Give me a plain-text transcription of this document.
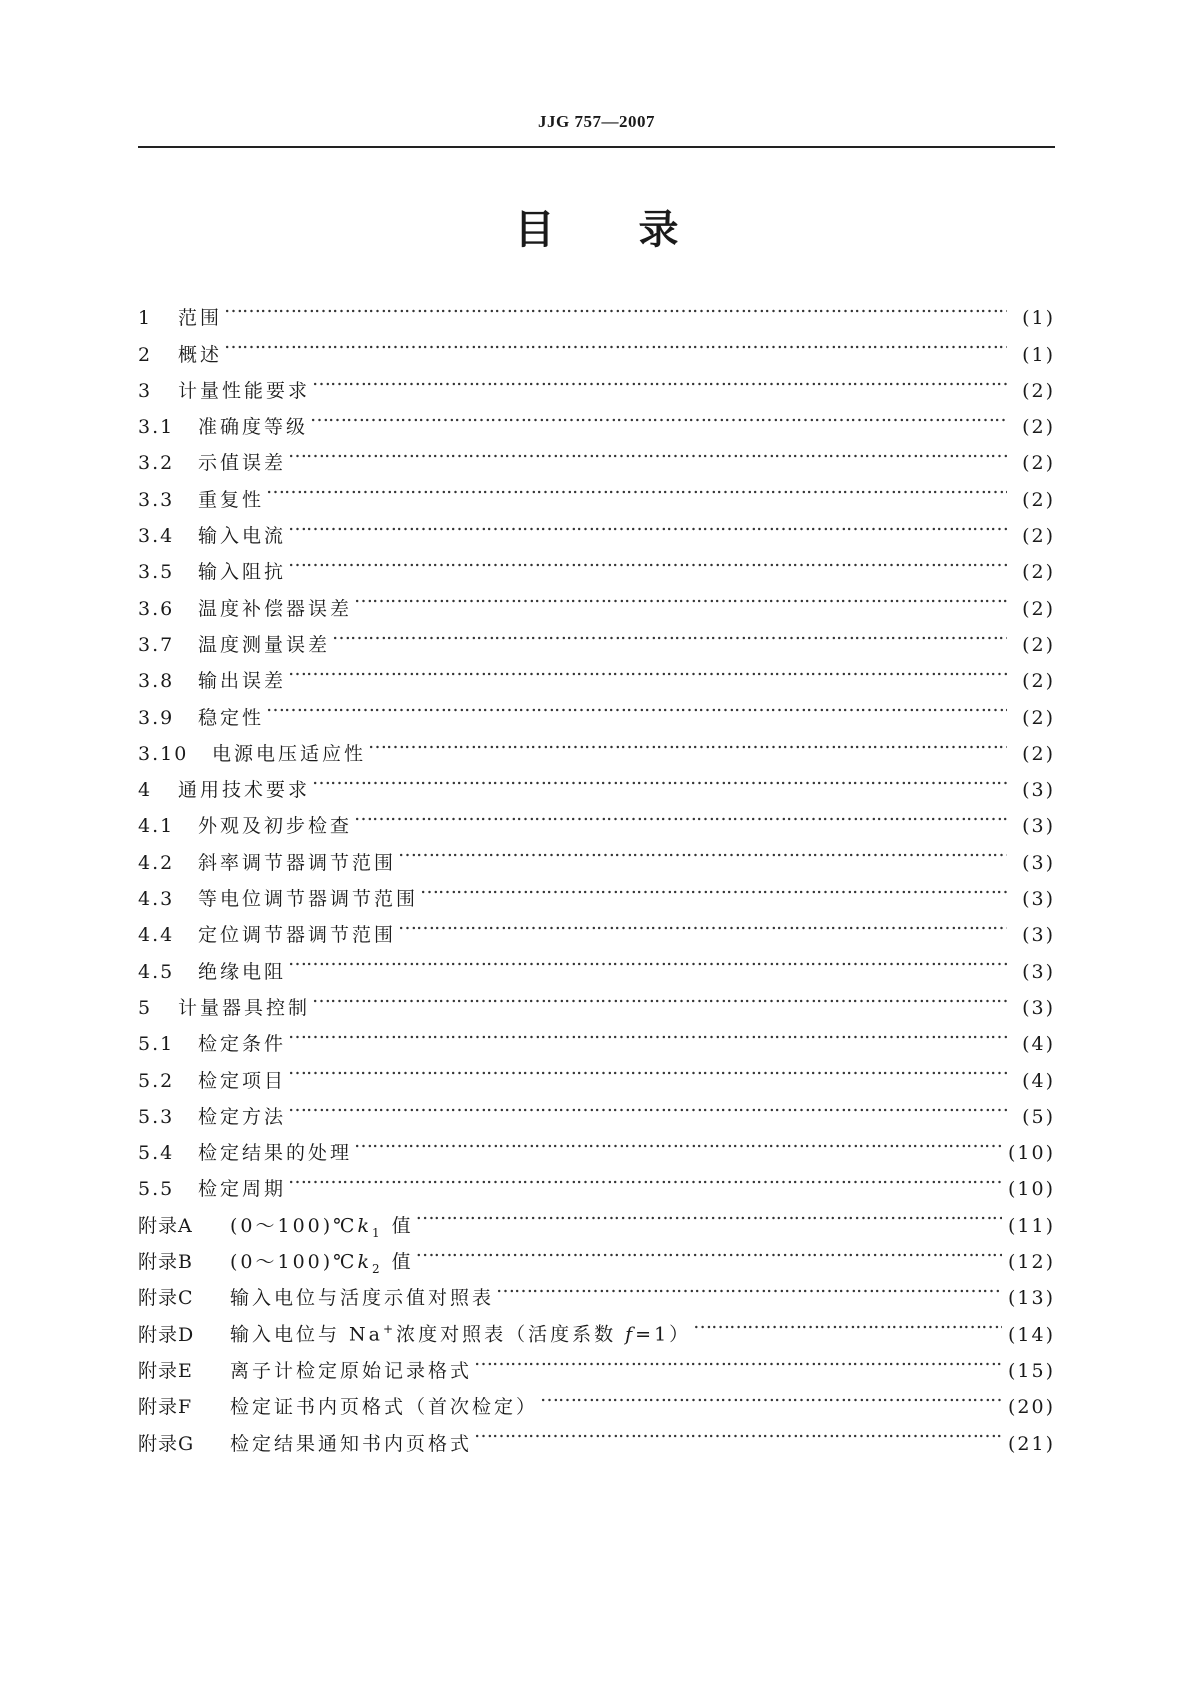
JJG 757—2007
目 录
1	范围 ……………………………………………………………………………………………………………………………………………………………………………………………………………………………………………………………………	(1)
2	概述 ……………………………………………………………………………………………………………………………………………………………………………………………………………………………………………………………………	(1)
3	计量性能要求 ……………………………………………………………………………………………………………………………………………………………………………………………………………………………………………………………………	(2)
3.1	准确度等级 ……………………………………………………………………………………………………………………………………………………………………………………………………………………………………………………………………	(2)
3.2	示值误差 ……………………………………………………………………………………………………………………………………………………………………………………………………………………………………………………………………	(2)
3.3	重复性 ……………………………………………………………………………………………………………………………………………………………………………………………………………………………………………………………………	(2)
3.4	输入电流 ……………………………………………………………………………………………………………………………………………………………………………………………………………………………………………………………………	(2)
3.5	输入阻抗 ……………………………………………………………………………………………………………………………………………………………………………………………………………………………………………………………………	(2)
3.6	温度补偿器误差 ……………………………………………………………………………………………………………………………………………………………………………………………………………………………………………………………………	(2)
3.7	温度测量误差 ……………………………………………………………………………………………………………………………………………………………………………………………………………………………………………………………………	(2)
3.8	输出误差 ……………………………………………………………………………………………………………………………………………………………………………………………………………………………………………………………………	(2)
3.9	稳定性 ……………………………………………………………………………………………………………………………………………………………………………………………………………………………………………………………………	(2)
3.10	电源电压适应性 ……………………………………………………………………………………………………………………………………………………………………………………………………………………………………………………………………	(2)
4	通用技术要求 ……………………………………………………………………………………………………………………………………………………………………………………………………………………………………………………………………	(3)
4.1	外观及初步检查 ……………………………………………………………………………………………………………………………………………………………………………………………………………………………………………………………………	(3)
4.2	斜率调节器调节范围 ……………………………………………………………………………………………………………………………………………………………………………………………………………………………………………………………………	(3)
4.3	等电位调节器调节范围 ……………………………………………………………………………………………………………………………………………………………………………………………………………………………………………………………………	(3)
4.4	定位调节器调节范围 ……………………………………………………………………………………………………………………………………………………………………………………………………………………………………………………………………	(3)
4.5	绝缘电阻 ……………………………………………………………………………………………………………………………………………………………………………………………………………………………………………………………………	(3)
5	计量器具控制 ……………………………………………………………………………………………………………………………………………………………………………………………………………………………………………………………………	(3)
5.1	检定条件 ……………………………………………………………………………………………………………………………………………………………………………………………………………………………………………………………………	(4)
5.2	检定项目 ……………………………………………………………………………………………………………………………………………………………………………………………………………………………………………………………………	(4)
5.3	检定方法 ……………………………………………………………………………………………………………………………………………………………………………………………………………………………………………………………………	(5)
5.4	检定结果的处理 ……………………………………………………………………………………………………………………………………………………………………………………………………………………………………………………………………	(10)
5.5	检定周期 ……………………………………………………………………………………………………………………………………………………………………………………………………………………………………………………………………	(10)
附录A	$(0\sim 100)℃k_1$ 值 ……………………………………………………………………………………………………………………………………………………………………………………………………………………………………………………………………	(11)
附录B	$(0\sim 100)℃k_2$ 值 ……………………………………………………………………………………………………………………………………………………………………………………………………………………………………………………………………	(12)
附录C	输入电位与活度示值对照表 ……………………………………………………………………………………………………………………………………………………………………………………………………………………………………………………………………	(13)
附录D	输入电位与 Na+浓度对照表（活度系数 f=1） ……………………………………………………………………………………………………………………………………………………………………………………………………………………………………………………………………	(14)
附录E	离子计检定原始记录格式 ……………………………………………………………………………………………………………………………………………………………………………………………………………………………………………………………………	(15)
附录F	检定证书内页格式（首次检定） ……………………………………………………………………………………………………………………………………………………………………………………………………………………………………………………………………	(20)
附录G	检定结果通知书内页格式 ……………………………………………………………………………………………………………………………………………………………………………………………………………………………………………………………………	(21)
